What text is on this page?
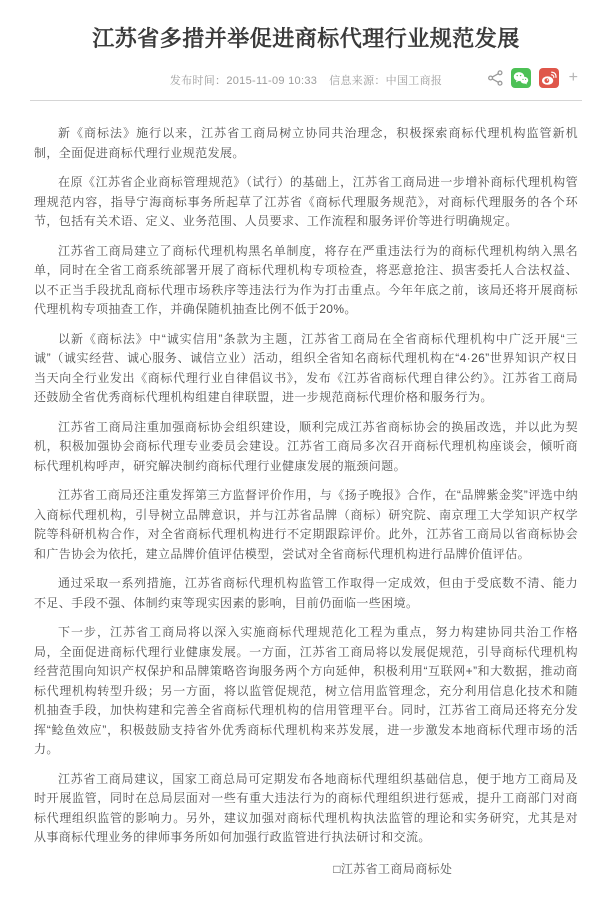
江苏省多措并举促进商标代理行业规范发展
发布时间：2015-11-09 10:33 信息来源：中国工商报	+

新《商标法》施行以来，江苏省工商局树立协同共治理念，积极探索商标代理机构监管新机制，全面促进商标代理行业规范发展。

在原《江苏省企业商标管理规范》（试行）的基础上，江苏省工商局进一步增补商标代理机构管理规范内容，指导宁海商标事务所起草了江苏省《商标代理服务规范》，对商标代理服务的各个环节，包括有关术语、定义、业务范围、人员要求、工作流程和服务评价等进行明确规定。

江苏省工商局建立了商标代理机构黑名单制度，将存在严重违法行为的商标代理机构纳入黑名单，同时在全省工商系统部署开展了商标代理机构专项检查，将恶意抢注、损害委托人合法权益、以不正当手段扰乱商标代理市场秩序等违法行为作为打击重点。今年年底之前，该局还将开展商标代理机构专项抽查工作，并确保随机抽查比例不低于20%。

以新《商标法》中“诚实信用”条款为主题，江苏省工商局在全省商标代理机构中广泛开展“三诚”（诚实经营、诚心服务、诚信立业）活动，组织全省知名商标代理机构在“4·26”世界知识产权日当天向全行业发出《商标代理行业自律倡议书》，发布《江苏省商标代理自律公约》。江苏省工商局还鼓励全省优秀商标代理机构组建自律联盟，进一步规范商标代理价格和服务行为。

江苏省工商局注重加强商标协会组织建设，顺利完成江苏省商标协会的换届改选，并以此为契机，积极加强协会商标代理专业委员会建设。江苏省工商局多次召开商标代理机构座谈会，倾听商标代理机构呼声，研究解决制约商标代理行业健康发展的瓶颈问题。

江苏省工商局还注重发挥第三方监督评价作用，与《扬子晚报》合作，在“品牌紫金奖”评选中纳入商标代理机构，引导树立品牌意识，并与江苏省品牌（商标）研究院、南京理工大学知识产权学院等科研机构合作，对全省商标代理机构进行不定期跟踪评价。此外，江苏省工商局以省商标协会和广告协会为依托，建立品牌价值评估模型，尝试对全省商标代理机构进行品牌价值评估。

通过采取一系列措施，江苏省商标代理机构监管工作取得一定成效，但由于受底数不清、能力不足、手段不强、体制约束等现实因素的影响，目前仍面临一些困境。

下一步，江苏省工商局将以深入实施商标代理规范化工程为重点，努力构建协同共治工作格局，全面促进商标代理行业健康发展。一方面，江苏省工商局将以发展促规范，引导商标代理机构经营范围向知识产权保护和品牌策略咨询服务两个方向延伸，积极利用“互联网+”和大数据，推动商标代理机构转型升级；另一方面，将以监管促规范，树立信用监管理念，充分利用信息化技术和随机抽查手段，加快构建和完善全省商标代理机构的信用管理平台。同时，江苏省工商局还将充分发挥“鲶鱼效应”，积极鼓励支持省外优秀商标代理机构来苏发展，进一步激发本地商标代理市场的活力。

江苏省工商局建议，国家工商总局可定期发布各地商标代理组织基础信息，便于地方工商局及时开展监管，同时在总局层面对一些有重大违法行为的商标代理组织进行惩戒，提升工商部门对商标代理组织监管的影响力。另外，建议加强对商标代理机构执法监管的理论和实务研究，尤其是对从事商标代理业务的律师事务所如何加强行政监管进行执法研讨和交流。

□江苏省工商局商标处
